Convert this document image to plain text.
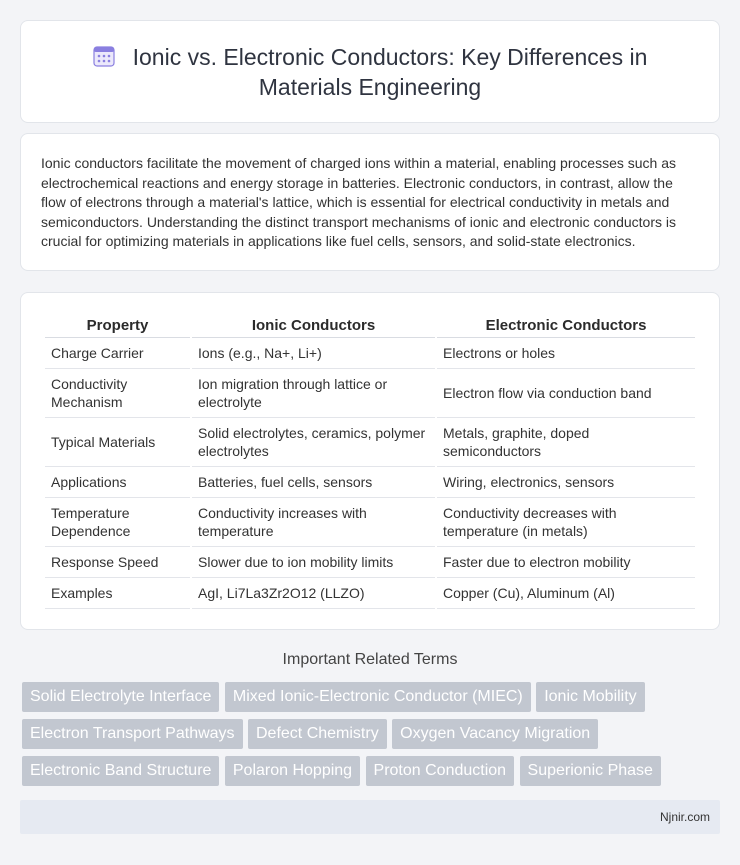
Ionic vs. Electronic Conductors: Key Differences in Materials Engineering

Ionic conductors facilitate the movement of charged ions within a material, enabling processes such as electrochemical reactions and energy storage in batteries. Electronic conductors, in contrast, allow the flow of electrons through a material's lattice, which is essential for electrical conductivity in metals and semiconductors. Understanding the distinct transport mechanisms of ionic and electronic conductors is crucial for optimizing materials in applications like fuel cells, sensors, and solid-state electronics.

Property	Ionic Conductors	Electronic Conductors
Charge Carrier	Ions (e.g., Na+, Li+)	Electrons or holes
Conductivity Mechanism	Ion migration through lattice or electrolyte	Electron flow via conduction band
Typical Materials	Solid electrolytes, ceramics, polymer electrolytes	Metals, graphite, doped semiconductors
Applications	Batteries, fuel cells, sensors	Wiring, electronics, sensors
Temperature Dependence	Conductivity increases with temperature	Conductivity decreases with temperature (in metals)
Response Speed	Slower due to ion mobility limits	Faster due to electron mobility
Examples	AgI, Li7La3Zr2O12 (LLZO)	Copper (Cu), Aluminum (Al)
Important Related Terms
Solid Electrolyte Interface Mixed Ionic-Electronic Conductor (MIEC) Ionic Mobility Electron Transport Pathways Defect Chemistry Oxygen Vacancy Migration Electronic Band Structure Polaron Hopping Proton Conduction Superionic Phase
Njnir.com
